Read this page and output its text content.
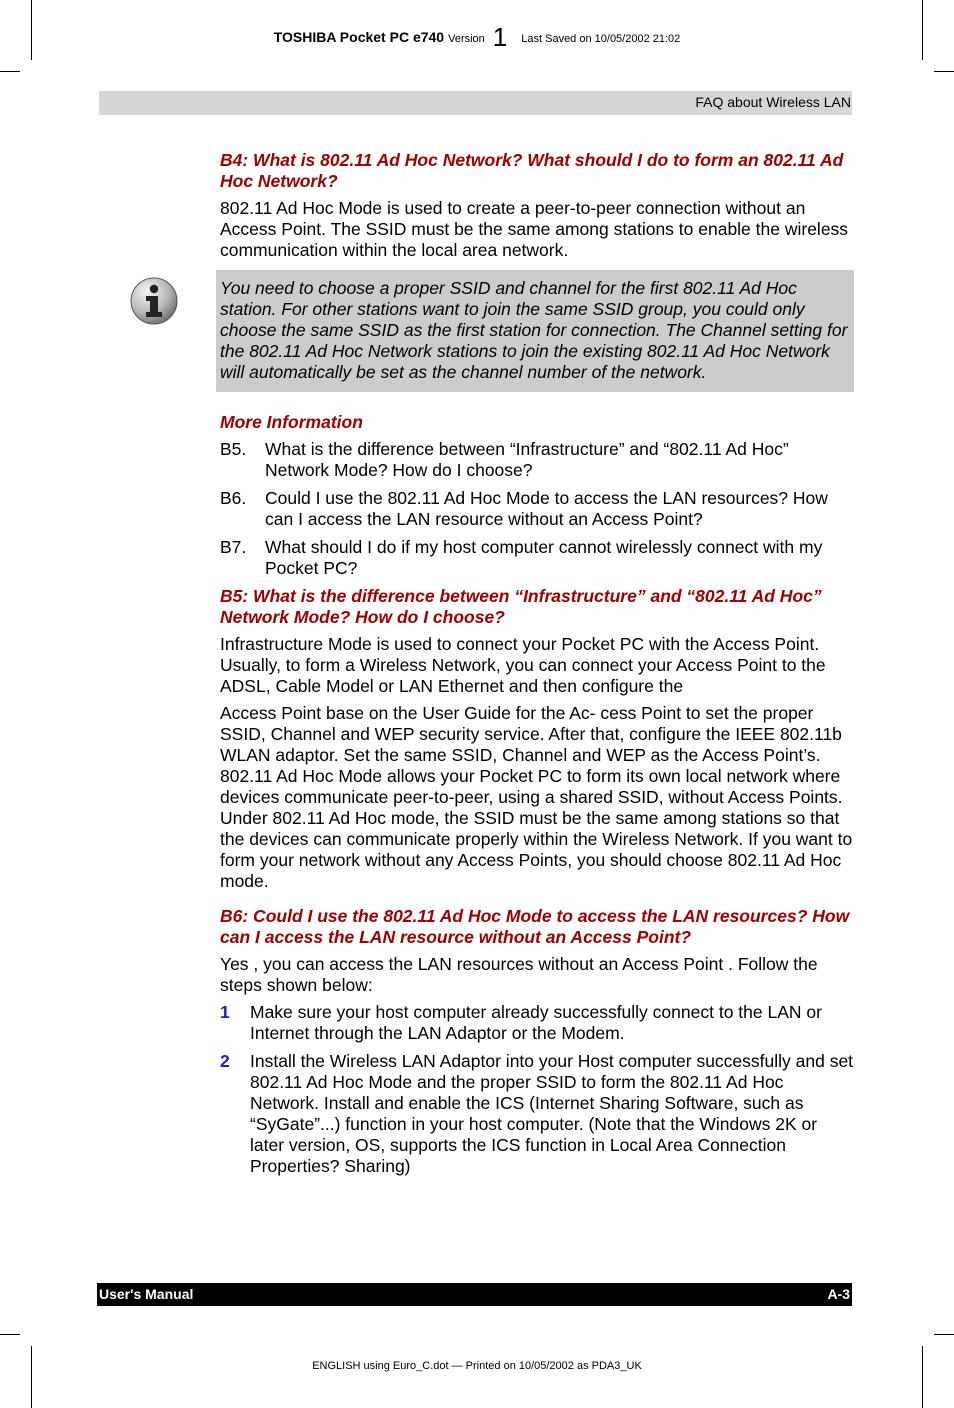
TOSHIBA Pocket PC e740 Version 1 Last Saved on 10/05/2002 21:02
FAQ about Wireless LAN
B4: What is 802.11 Ad Hoc Network? What should I do to form an 802.11 Ad Hoc Network?

802.11 Ad Hoc Mode is used to create a peer-to-peer connection without an Access Point. The SSID must be the same among stations to enable the wireless communication within the local area network.

You need to choose a proper SSID and channel for the first 802.11 Ad Hoc station. For other stations want to join the same SSID group, you could only choose the same SSID as the first station for connection. The Channel setting for the 802.11 Ad Hoc Network stations to join the existing 802.11 Ad Hoc Network will automatically be set as the channel number of the network.
More Information
B5.	What is the difference between “Infrastructure” and “802.11 Ad Hoc” Network Mode? How do I choose?
B6.	Could I use the 802.11 Ad Hoc Mode to access the LAN resources? How can I access the LAN resource without an Access Point?
B7.	What should I do if my host computer cannot wirelessly connect with my Pocket PC?
B5: What is the difference between “Infrastructure” and “802.11 Ad Hoc” Network Mode? How do I choose?

Infrastructure Mode is used to connect your Pocket PC with the Access Point. Usually, to form a Wireless Network, you can connect your Access Point to the ADSL, Cable Model or LAN Ethernet and then configure the

Access Point base on the User Guide for the Ac- cess Point to set the proper SSID, Channel and WEP security service. After that, configure the IEEE 802.11b WLAN adaptor. Set the same SSID, Channel and WEP as the Access Point’s. 802.11 Ad Hoc Mode allows your Pocket PC to form its own local network where devices communicate peer-to-peer, using a shared SSID, without Access Points. Under 802.11 Ad Hoc mode, the SSID must be the same among stations so that the devices can communicate properly within the Wireless Network. If you want to form your network without any Access Points, you should choose 802.11 Ad Hoc mode.

B6: Could I use the 802.11 Ad Hoc Mode to access the LAN resources? How can I access the LAN resource without an Access Point?

Yes , you can access the LAN resources without an Access Point . Follow the steps shown below:

1	Make sure your host computer already successfully connect to the LAN or Internet through the LAN Adaptor or the Modem.
2	Install the Wireless LAN Adaptor into your Host computer successfully and set 802.11 Ad Hoc Mode and the proper SSID to form the 802.11 Ad Hoc Network. Install and enable the ICS (Internet Sharing Software, such as “SyGate”...) function in your host computer. (Note that the Windows 2K or later version, OS, supports the ICS function in Local Area Connection Properties? Sharing)
User's Manual	A-3
ENGLISH using Euro_C.dot — Printed on 10/05/2002 as PDA3_UK
